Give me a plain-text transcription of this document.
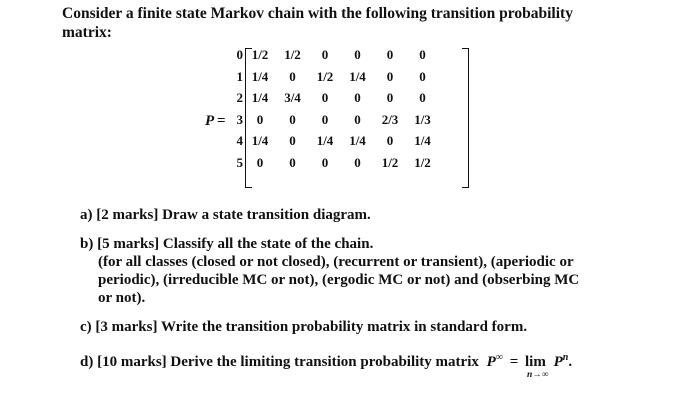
Consider a finite state Markov chain with the following transition probability
matrix:
P =
0 1/2	1/2	0	0	0	0
1 1/4	0	1/2	1/4	0	0
2 1/4	3/4	0	0	0	0
3	0	0	0	0	2/3	1/3
4 1/4	0	1/4	1/4	0	1/4
5	0	0	0	0	1/2	1/2
a) [2 marks] Draw a state transition diagram.
b) [5 marks] Classify all the state of the chain.
(for all classes (closed or not closed), (recurrent or transient), (aperiodic or
periodic), (irreducible MC or not), (ergodic MC or not) and (obserbing MC
or not).
c) [3 marks] Write the transition probability matrix in standard form.
d) [10 marks] Derive the limiting transition probability matrix P∞ = lim
n→∞
$P^n$.
